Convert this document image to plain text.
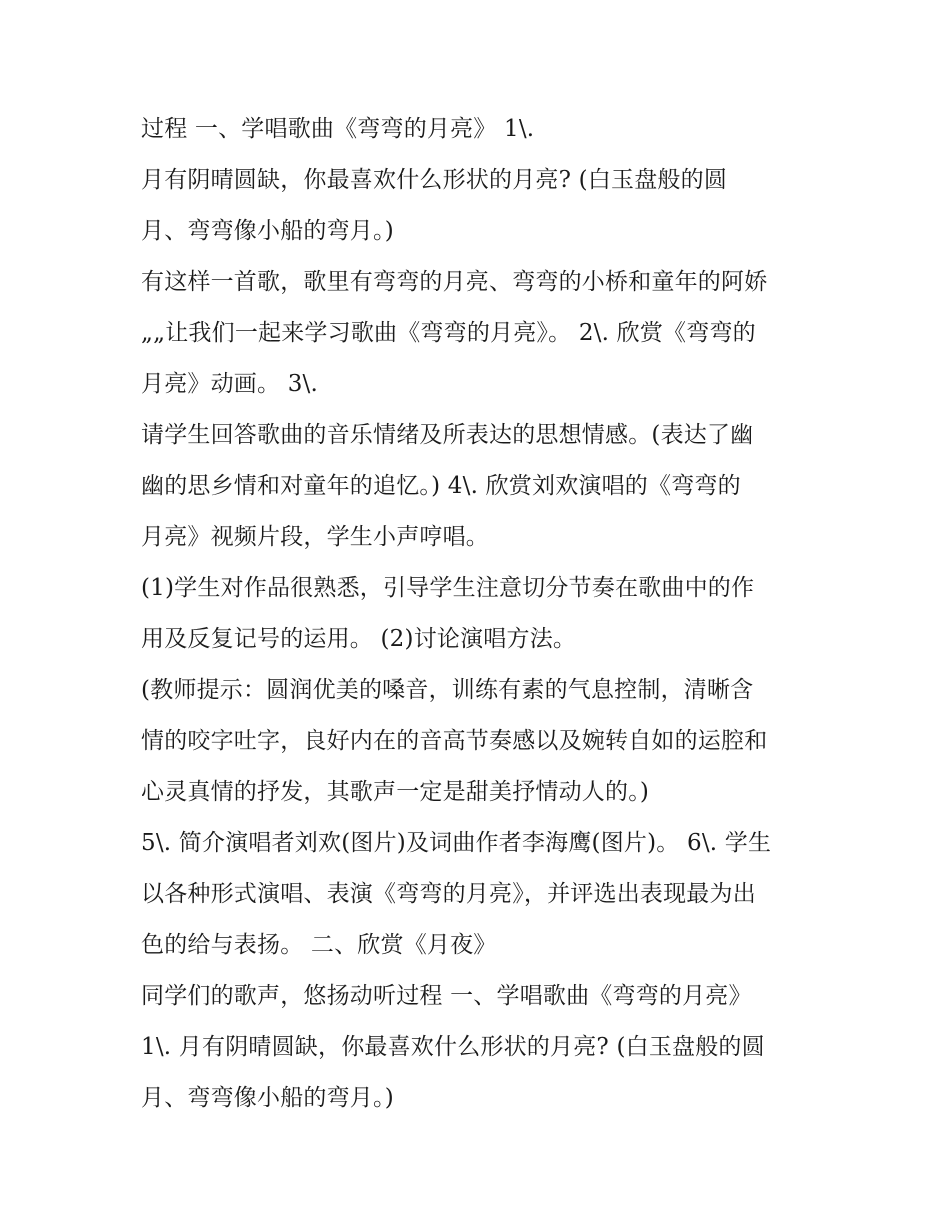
过程 一、学唱歌曲《弯弯的月亮》 1\.
月有阴晴圆缺，你最喜欢什么形状的月亮? (白玉盘般的圆
月、弯弯像小船的弯月。)
有这样一首歌，歌里有弯弯的月亮、弯弯的小桥和童年的阿娇
„„让我们一起来学习歌曲《弯弯的月亮》。 2\. 欣赏《弯弯的
月亮》动画。 3\.
请学生回答歌曲的音乐情绪及所表达的思想情感。(表达了幽
幽的思乡情和对童年的追忆。) 4\. 欣赏刘欢演唱的《弯弯的
月亮》视频片段，学生小声哼唱。
(1)学生对作品很熟悉，引导学生注意切分节奏在歌曲中的作
用及反复记号的运用。 (2)讨论演唱方法。
(教师提示：圆润优美的嗓音，训练有素的气息控制，清晰含
情的咬字吐字，良好内在的音高节奏感以及婉转自如的运腔和
心灵真情的抒发，其歌声一定是甜美抒情动人的。)
5\. 简介演唱者刘欢(图片)及词曲作者李海鹰(图片)。 6\. 学生
以各种形式演唱、表演《弯弯的月亮》，并评选出表现最为出
色的给与表扬。 二、欣赏《月夜》
同学们的歌声，悠扬动听过程 一、学唱歌曲《弯弯的月亮》
1\. 月有阴晴圆缺，你最喜欢什么形状的月亮? (白玉盘般的圆
月、弯弯像小船的弯月。)
